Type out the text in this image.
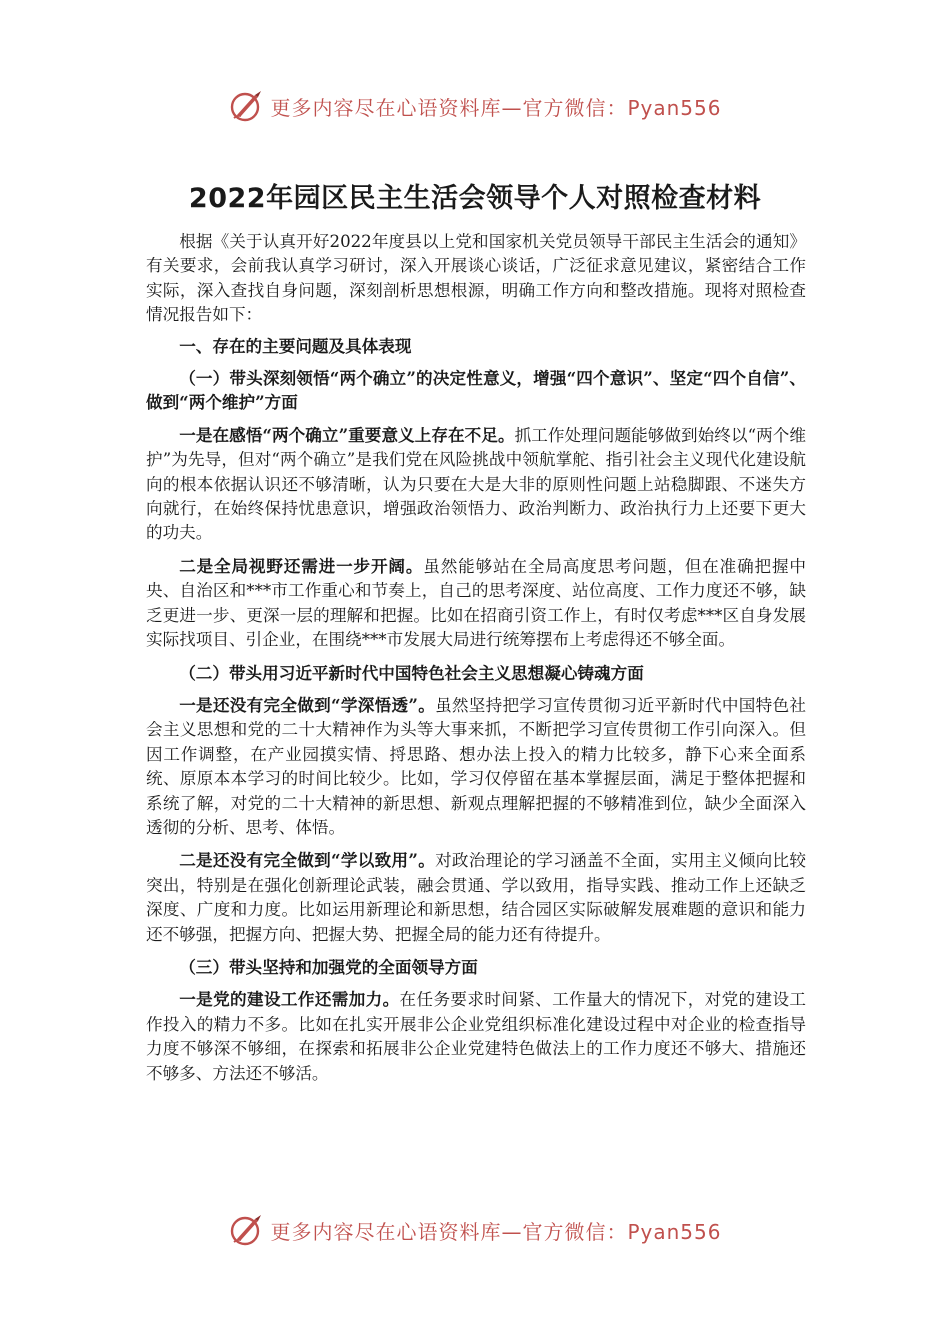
更多内容尽在心语资料库—官方微信：Pyan556
2022年园区民主生活会领导个人对照检查材料

根据《关于认真开好2022年度县以上党和国家机关党员领导干部民主生活会的通知》有关要求，会前我认真学习研讨，深入开展谈心谈话，广泛征求意见建议，紧密结合工作实际，深入查找自身问题，深刻剖析思想根源，明确工作方向和整改措施。现将对照检查情况报告如下：

一、存在的主要问题及具体表现

（一）带头深刻领悟“两个确立”的决定性意义，增强“四个意识”、坚定“四个自信”、做到“两个维护”方面

一是在感悟“两个确立”重要意义上存在不足。抓工作处理问题能够做到始终以“两个维护”为先导，但对“两个确立”是我们党在风险挑战中领航掌舵、指引社会主义现代化建设航向的根本依据认识还不够清晰，认为只要在大是大非的原则性问题上站稳脚跟、不迷失方向就行，在始终保持忧患意识，增强政治领悟力、政治判断力、政治执行力上还要下更大的功夫。

二是全局视野还需进一步开阔。虽然能够站在全局高度思考问题，但在准确把握中央、自治区和***市工作重心和节奏上，自己的思考深度、站位高度、工作力度还不够，缺乏更进一步、更深一层的理解和把握。比如在招商引资工作上，有时仅考虑***区自身发展实际找项目、引企业，在围绕***市发展大局进行统筹摆布上考虑得还不够全面。

（二）带头用习近平新时代中国特色社会主义思想凝心铸魂方面

一是还没有完全做到“学深悟透”。虽然坚持把学习宣传贯彻习近平新时代中国特色社会主义思想和党的二十大精神作为头等大事来抓，不断把学习宣传贯彻工作引向深入。但因工作调整，在产业园摸实情、捋思路、想办法上投入的精力比较多，静下心来全面系统、原原本本学习的时间比较少。比如，学习仅停留在基本掌握层面，满足于整体把握和系统了解，对党的二十大精神的新思想、新观点理解把握的不够精准到位，缺少全面深入透彻的分析、思考、体悟。

二是还没有完全做到“学以致用”。对政治理论的学习涵盖不全面，实用主义倾向比较突出，特别是在强化创新理论武装，融会贯通、学以致用，指导实践、推动工作上还缺乏深度、广度和力度。比如运用新理论和新思想，结合园区实际破解发展难题的意识和能力还不够强，把握方向、把握大势、把握全局的能力还有待提升。

（三）带头坚持和加强党的全面领导方面

一是党的建设工作还需加力。在任务要求时间紧、工作量大的情况下，对党的建设工作投入的精力不多。比如在扎实开展非公企业党组织标准化建设过程中对企业的检查指导力度不够深不够细，在探索和拓展非公企业党建特色做法上的工作力度还不够大、措施还不够多、方法还不够活。

更多内容尽在心语资料库—官方微信：Pyan556
